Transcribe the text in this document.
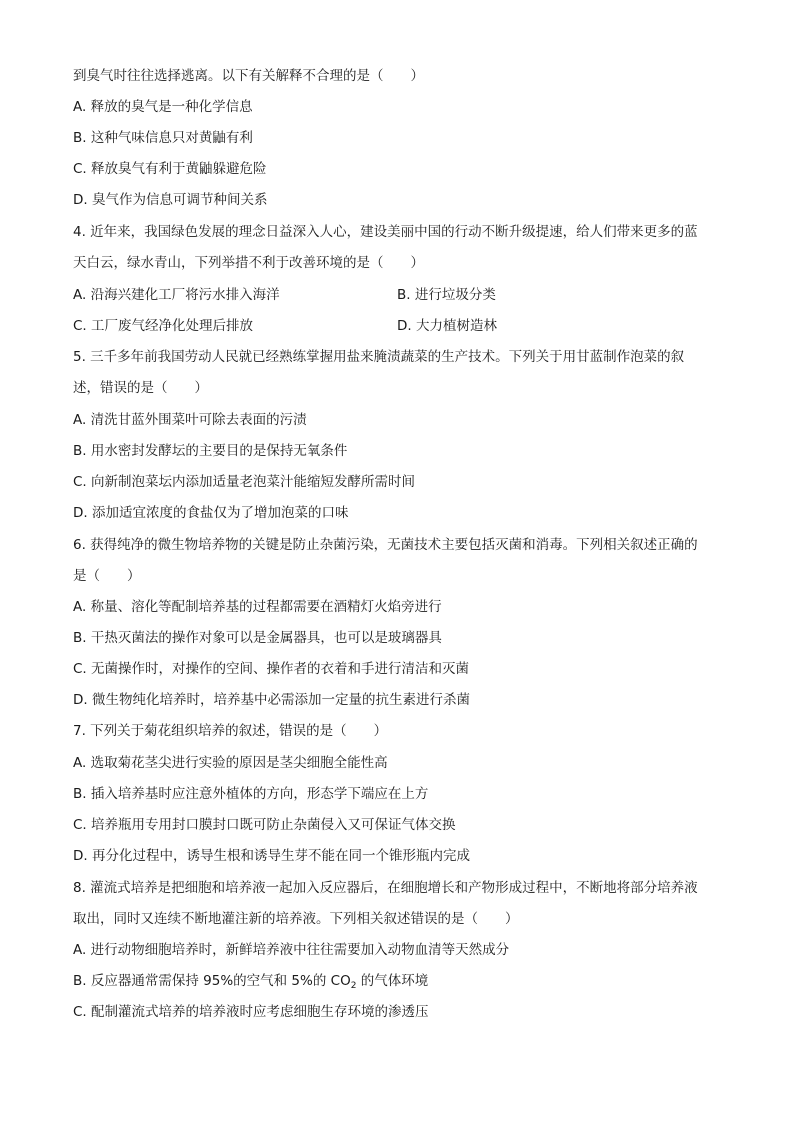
到臭气时往往选择逃离。以下有关解释不合理的是（　　）
A. 释放的臭气是一种化学信息
B. 这种气味信息只对黄鼬有利
C. 释放臭气有利于黄鼬躲避危险
D. 臭气作为信息可调节种间关系
4. 近年来，我国绿色发展的理念日益深入人心，建设美丽中国的行动不断升级提速，给人们带来更多的蓝
天白云，绿水青山，下列举措不利于改善环境的是（　　）
A. 沿海兴建化工厂将污水排入海洋	B. 进行垃圾分类
C. 工厂废气经净化处理后排放	D. 大力植树造林
5. 三千多年前我国劳动人民就已经熟练掌握用盐来腌渍蔬菜的生产技术。下列关于用甘蓝制作泡菜的叙
述，错误的是（　　）
A. 清洗甘蓝外围菜叶可除去表面的污渍
B. 用水密封发酵坛的主要目的是保持无氧条件
C. 向新制泡菜坛内添加适量老泡菜汁能缩短发酵所需时间
D. 添加适宜浓度的食盐仅为了增加泡菜的口味
6. 获得纯净的微生物培养物的关键是防止杂菌污染，无菌技术主要包括灭菌和消毒。下列相关叙述正确的
是（　　）
A. 称量、溶化等配制培养基的过程都需要在酒精灯火焰旁进行
B. 干热灭菌法的操作对象可以是金属器具，也可以是玻璃器具
C. 无菌操作时，对操作的空间、操作者的衣着和手进行清洁和灭菌
D. 微生物纯化培养时，培养基中必需添加一定量的抗生素进行杀菌
7. 下列关于菊花组织培养的叙述，错误的是（　　）
A. 选取菊花茎尖进行实验的原因是茎尖细胞全能性高
B. 插入培养基时应注意外植体的方向，形态学下端应在上方
C. 培养瓶用专用封口膜封口既可防止杂菌侵入又可保证气体交换
D. 再分化过程中，诱导生根和诱导生芽不能在同一个锥形瓶内完成
8. 灌流式培养是把细胞和培养液一起加入反应器后，在细胞增长和产物形成过程中，不断地将部分培养液
取出，同时又连续不断地灌注新的培养液。下列相关叙述错误的是（　　）
A. 进行动物细胞培养时，新鲜培养液中往往需要加入动物血清等天然成分
B. 反应器通常需保持 95%的空气和 5%的 $CO_2$ 的气体环境
C. 配制灌流式培养的培养液时应考虑细胞生存环境的渗透压
